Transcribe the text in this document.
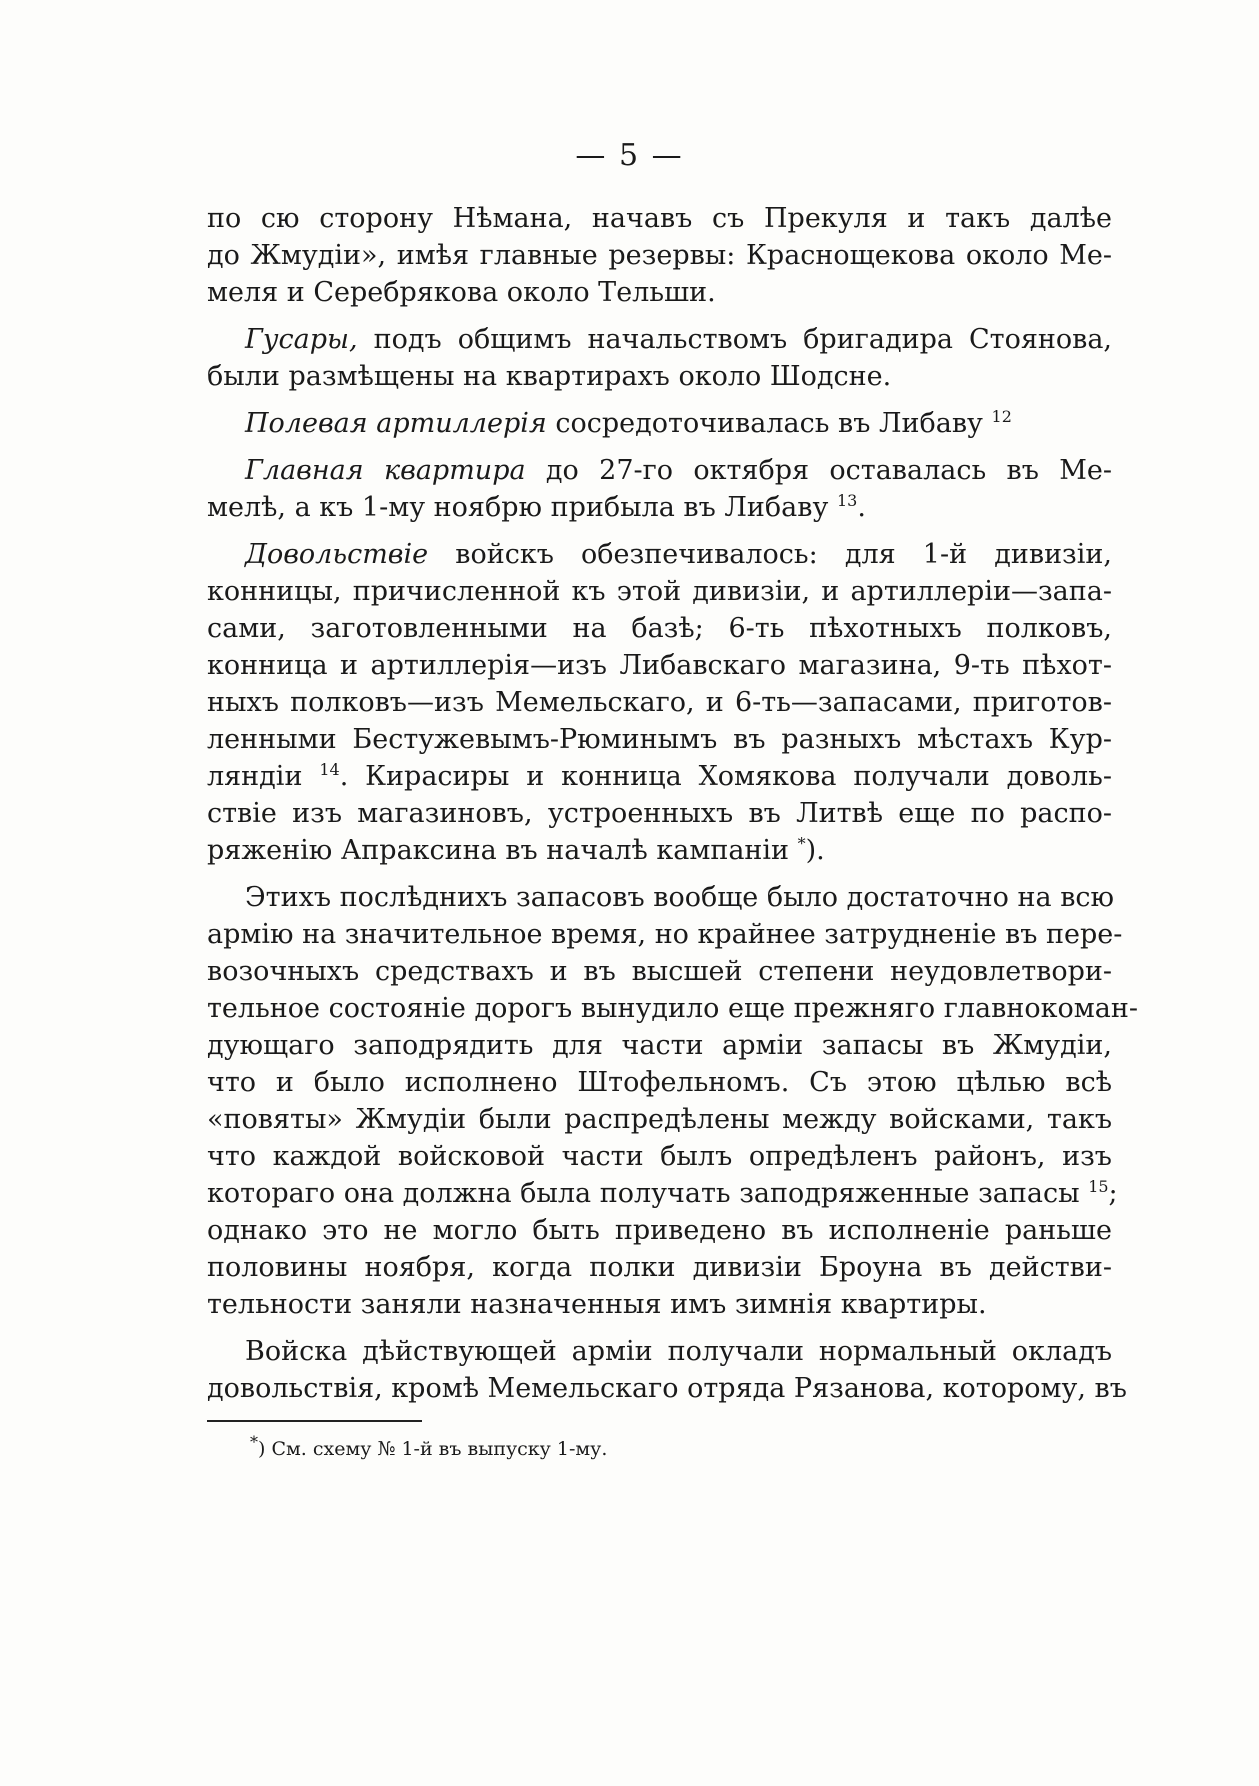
— 5 —
по сю сторону Нѣмана, начавъ съ Прекуля и такъ далѣе
до Жмудіи», имѣя главные резервы: Краснощекова около Ме-
меля и Серебрякова около Тельши.
Гусары, подъ общимъ начальствомъ бригадира Стоянова,
были размѣщены на квартирахъ около Шодсне.
Полевая артиллерія сосредоточивалась въ Либаву $^{12}$
Главная квартира до 27-го октября оставалась въ Ме-
мелѣ, а къ 1-му ноябрю прибыла въ Либаву $^{13}$.
Довольствіе войскъ обезпечивалось: для 1-й дивизіи,
конницы, причисленной къ этой дивизіи, и артиллеріи—запа-
сами, заготовленными на базѣ; 6-ть пѣхотныхъ полковъ,
конница и артиллерія—изъ Либавскаго магазина, 9-ть пѣхот-
ныхъ полковъ—изъ Мемельскаго, и 6-ть—запасами, приготов-
ленными Бестужевымъ-Рюминымъ въ разныхъ мѣстахъ Кур-
ляндіи $^{14}$. Кирасиры и конница Хомякова получали доволь-
ствіе изъ магазиновъ, устроенныхъ въ Литвѣ еще по распо-
ряженію Апраксина въ началѣ кампаніи *).
Этихъ послѣднихъ запасовъ вообще было достаточно на всю
армію на значительное время, но крайнее затрудненіе въ пере-
возочныхъ средствахъ и въ высшей степени неудовлетвори-
тельное состояніе дорогъ вынудило еще прежняго главнокоман-
дующаго заподрядить для части арміи запасы въ Жмудіи,
что и было исполнено Штофельномъ. Съ этою цѣлью всѣ
«повяты» Жмудіи были распредѣлены между войсками, такъ
что каждой войсковой части былъ опредѣленъ районъ, изъ
котораго она должна была получать заподряженные запасы $^{15}$;
однако это не могло быть приведено въ исполненіе раньше
половины ноября, когда полки дивизіи Броуна въ действи-
тельности заняли назначенныя имъ зимнія квартиры.
Войска дѣйствующей арміи получали нормальный окладъ
довольствія, кромѣ Мемельскаго отряда Рязанова, которому, въ
*) См. схему № 1-й въ выпуску 1-му.
